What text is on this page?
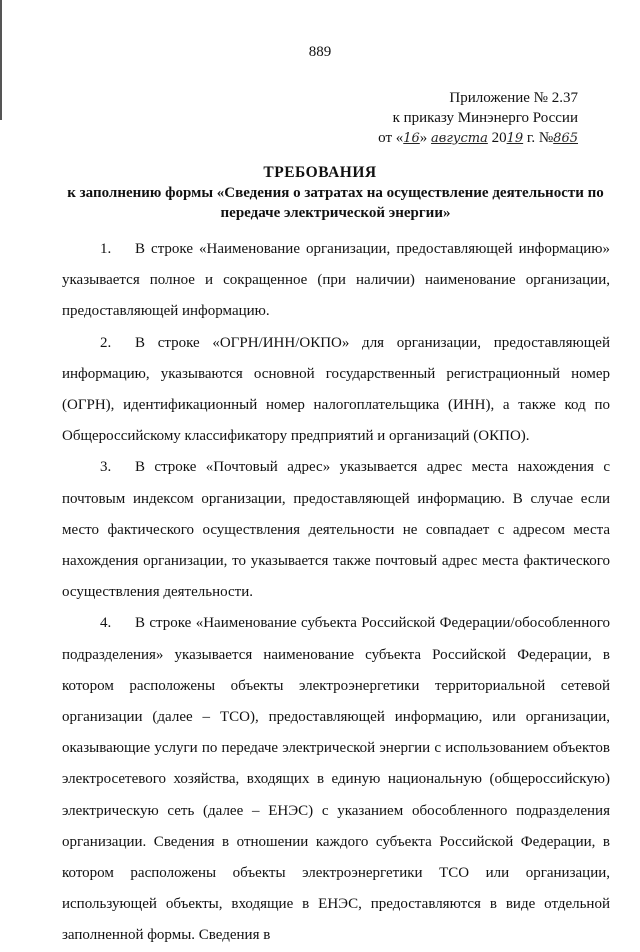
889
Приложение № 2.37
к приказу Минэнерго России
от «16» августа 2019 г. №865
ТРЕБОВАНИЯ
к заполнению формы «Сведения о затратах на осуществление деятельности по передаче электрической энергии»

1. В строке «Наименование организации, предоставляющей информацию» указывается полное и сокращенное (при наличии) наименование организации, предоставляющей информацию.

2. В строке «ОГРН/ИНН/ОКПО» для организации, предоставляющей информацию, указываются основной государственный регистрационный номер (ОГРН), идентификационный номер налогоплательщика (ИНН), а также код по Общероссийскому классификатору предприятий и организаций (ОКПО).

3. В строке «Почтовый адрес» указывается адрес места нахождения с почтовым индексом организации, предоставляющей информацию. В случае если место фактического осуществления деятельности не совпадает с адресом места нахождения организации, то указывается также почтовый адрес места фактического осуществления деятельности.

4. В строке «Наименование субъекта Российской Федерации/обособленного подразделения» указывается наименование субъекта Российской Федерации, в котором расположены объекты электроэнергетики территориальной сетевой организации (далее – ТСО), предоставляющей информацию, или организации, оказывающие услуги по передаче электрической энергии с использованием объектов электросетевого хозяйства, входящих в единую национальную (общероссийскую) электрическую сеть (далее – ЕНЭС) с указанием обособленного подразделения организации. Сведения в отношении каждого субъекта Российской Федерации, в котором расположены объекты электроэнергетики ТСО или организации, использующей объекты, входящие в ЕНЭС, предоставляются в виде отдельной заполненной формы. Сведения в
